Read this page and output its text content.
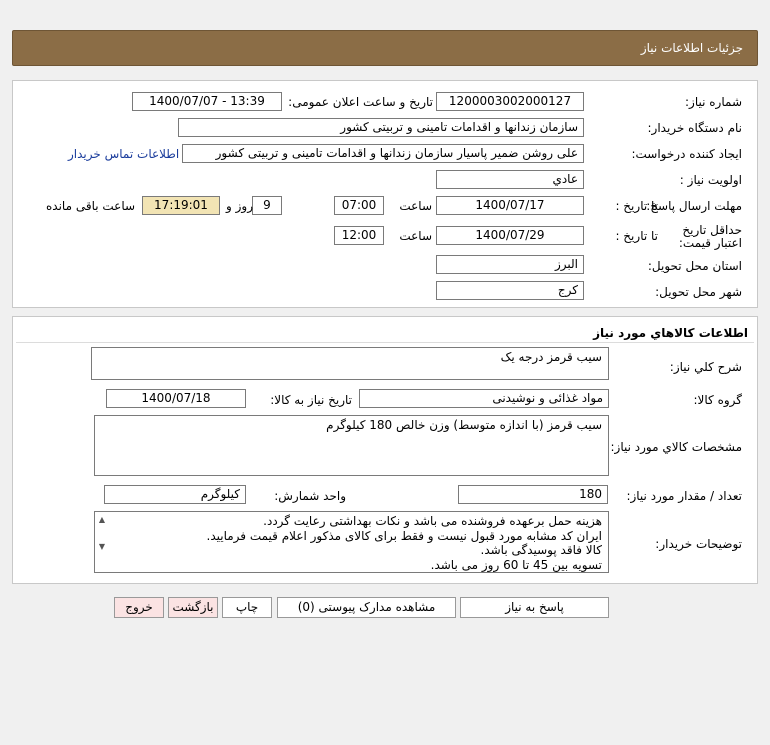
جزئیات اطلاعات نیاز
شماره نیاز:
1200003002000127
تاریخ و ساعت اعلان عمومی:
1400/07/07 - 13:39
نام دستگاه خریدار:
سازمان زندانها و اقدامات تامینی و تربیتی کشور
ایجاد کننده درخواست:
علی روشن ضمیر پاسیار سازمان زندانها و اقدامات تامینی و تربیتی کشور
اطلاعات تماس خریدار
اولویت نیاز :
عادي
مهلت ارسال پاسخ:
تا تاریخ :
1400/07/17
ساعت
07:00
9
روز و
17:19:01
ساعت باقی مانده
حداقل تاریخ اعتبار قیمت:
تا تاریخ :
1400/07/29
ساعت
12:00
استان محل تحویل:
البرز
شهر محل تحویل:
کرج
اطلاعات کالاهاي مورد نياز
شرح کلي نياز:
سیب قرمز درجه یک
گروه کالا:
مواد غذائی و نوشیدنی
تاریخ نیاز به کالا:
1400/07/18
مشخصات کالاي مورد نياز:
سیب قرمز (با اندازه متوسط) وزن خالص 180 کیلوگرم
تعداد / مقدار مورد نیاز:
180
واحد شمارش:
کیلوگرم
توضیحات خریدار:
▲
▼
هزینه حمل برعهده فروشنده می باشد و نکات بهداشتی رعایت گردد.
ایران کد مشابه مورد قبول نیست و فقط برای کالای مذکور اعلام قیمت فرمایید.
کالا فاقد پوسیدگی باشد.
تسویه بین 45 تا 60 روز می باشد.
پاسخ به نیاز
مشاهده مدارک پیوستی (0)
چاپ
بازگشت
خروج
